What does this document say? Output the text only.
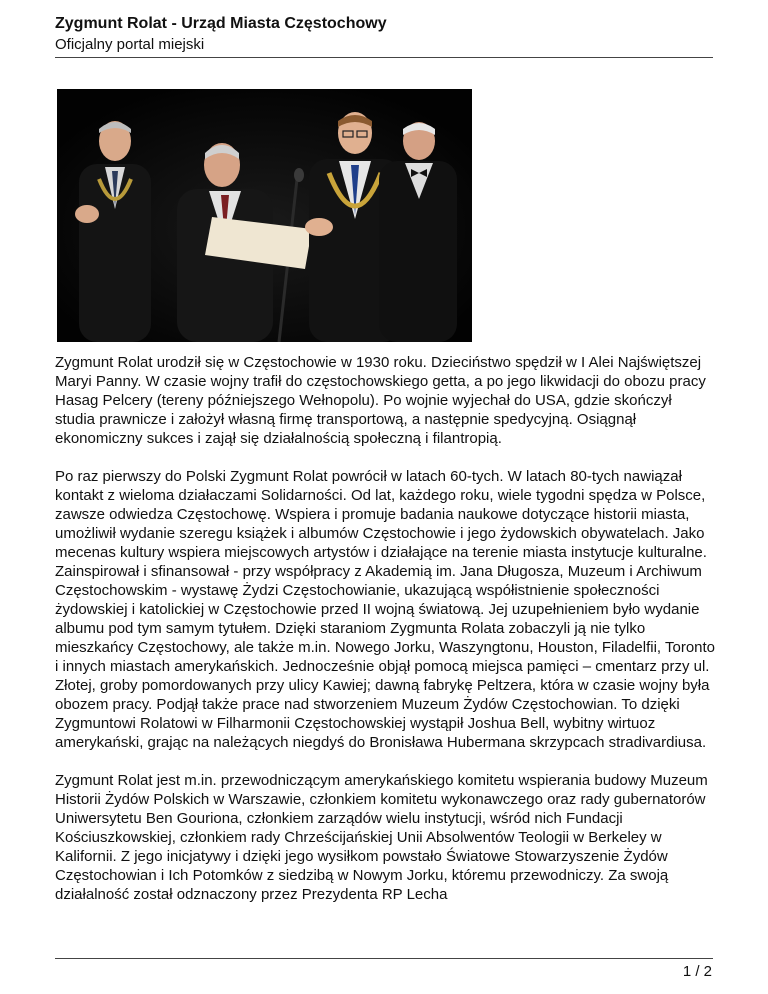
Zygmunt Rolat - Urząd Miasta Częstochowy
Oficjalny portal miejski

Zygmunt Rolat urodził się w Częstochowie w 1930 roku. Dzieciństwo spędził w I Alei Najświętszej Maryi Panny. W czasie wojny trafił do częstochowskiego getta, a po jego likwidacji do obozu pracy Hasag Pelcery (tereny późniejszego Wełnopolu). Po wojnie wyjechał do USA, gdzie skończył studia prawnicze i założył własną firmę transportową, a następnie spedycyjną. Osiągnął ekonomiczny sukces i zajął się działalnością społeczną i filantropią.

Po raz pierwszy do Polski Zygmunt Rolat powrócił w latach 60-tych. W latach 80-tych nawiązał kontakt z wieloma działaczami Solidarności. Od lat, każdego roku, wiele tygodni spędza w Polsce, zawsze odwiedza Częstochowę. Wspiera i promuje badania naukowe dotyczące historii miasta, umożliwił wydanie szeregu książek i albumów Częstochowie i jego żydowskich obywatelach. Jako mecenas kultury wspiera miejscowych artystów i działające na terenie miasta instytucje kulturalne. Zainspirował i sfinansował - przy współpracy z Akademią im. Jana Długosza, Muzeum i Archiwum Częstochowskim - wystawę Żydzi Częstochowianie, ukazującą współistnienie społeczności żydowskiej i katolickiej w Częstochowie przed II wojną światową. Jej uzupełnieniem było wydanie albumu pod tym samym tytułem. Dzięki staraniom Zygmunta Rolata zobaczyli ją nie tylko mieszkańcy Częstochowy, ale także m.in. Nowego Jorku, Waszyngtonu, Houston, Filadelfii, Toronto i innych miastach amerykańskich. Jednocześnie objął pomocą miejsca pamięci – cmentarz przy ul. Złotej, groby pomordowanych przy ulicy Kawiej; dawną fabrykę Peltzera, która w czasie wojny była obozem pracy. Podjął także prace nad stworzeniem Muzeum Żydów Częstochowian. To dzięki Zygmuntowi Rolatowi w Filharmonii Częstochowskiej wystąpił Joshua Bell, wybitny wirtuoz amerykański, grając na należących niegdyś do Bronisława Hubermana skrzypcach stradivardiusa.

Zygmunt Rolat jest m.in. przewodniczącym amerykańskiego komitetu wspierania budowy Muzeum Historii Żydów Polskich w Warszawie, członkiem komitetu wykonawczego oraz rady gubernatorów Uniwersytetu Ben Gouriona, członkiem zarządów wielu instytucji, wśród nich Fundacji Kościuszkowskiej, członkiem rady Chrześcijańskiej Unii Absolwentów Teologii w Berkeley w Kalifornii. Z jego inicjatywy i dzięki jego wysiłkom powstało Światowe Stowarzyszenie Żydów Częstochowian i Ich Potomków z siedzibą w Nowym Jorku, któremu przewodniczy. Za swoją działalność został odznaczony przez Prezydenta RP Lecha

1 / 2
